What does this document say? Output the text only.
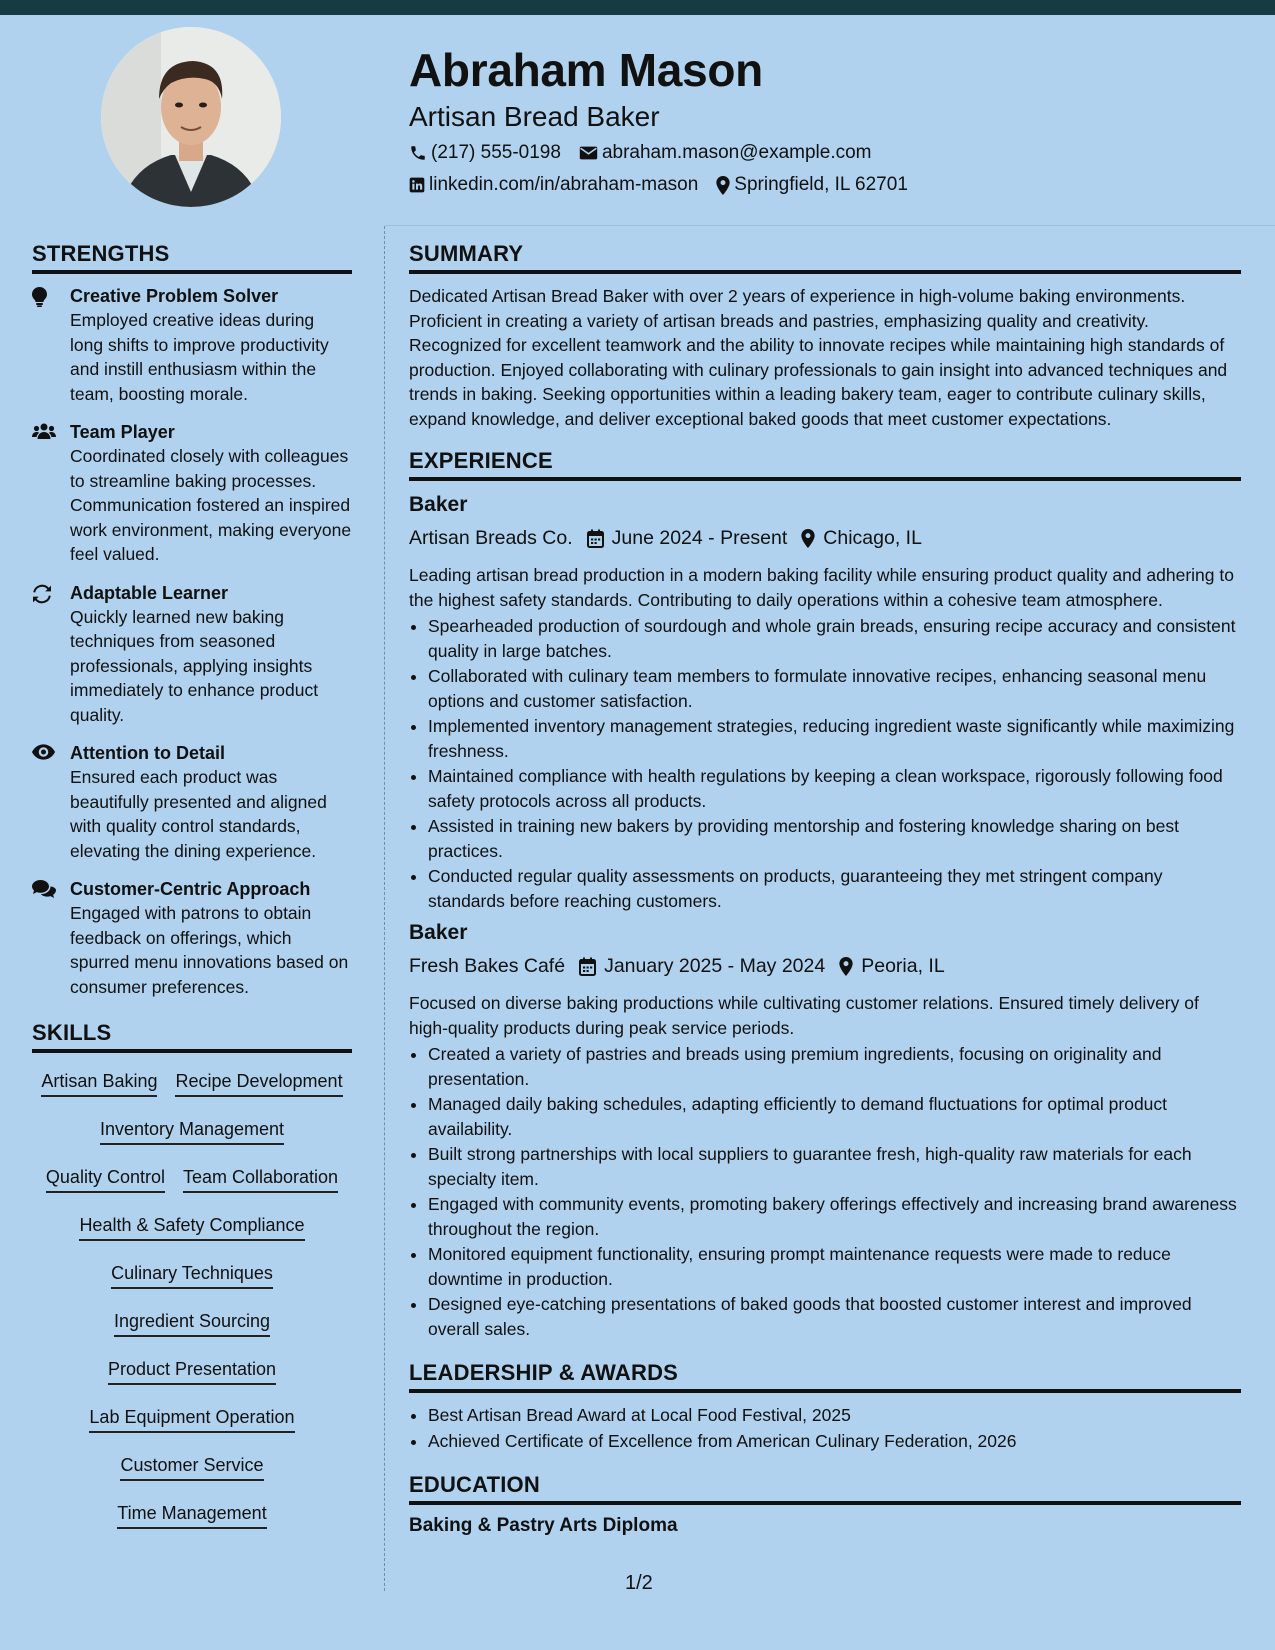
Abraham Mason
Artisan Bread Baker
(217) 555-0198 abraham.mason@example.com
linkedin.com/in/abraham-mason Springfield, IL 62701
STRENGTHS
Creative Problem Solver
Employed creative ideas during long shifts to improve productivity and instill enthusiasm within the team, boosting morale.
Team Player
Coordinated closely with colleagues to streamline baking processes. Communication fostered an inspired work environment, making everyone feel valued.
Adaptable Learner
Quickly learned new baking techniques from seasoned professionals, applying insights immediately to enhance product quality.
Attention to Detail
Ensured each product was beautifully presented and aligned with quality control standards, elevating the dining experience.
Customer-Centric Approach
Engaged with patrons to obtain feedback on offerings, which spurred menu innovations based on consumer preferences.
SKILLS
Artisan Baking Recipe Development
Inventory Management
Quality Control Team Collaboration
Health & Safety Compliance
Culinary Techniques
Ingredient Sourcing
Product Presentation
Lab Equipment Operation
Customer Service
Time Management
SUMMARY

Dedicated Artisan Bread Baker with over 2 years of experience in high-volume baking environments. Proficient in creating a variety of artisan breads and pastries, emphasizing quality and creativity. Recognized for excellent teamwork and the ability to innovate recipes while maintaining high standards of production. Enjoyed collaborating with culinary professionals to gain insight into advanced techniques and trends in baking. Seeking opportunities within a leading bakery team, eager to contribute culinary skills, expand knowledge, and deliver exceptional baked goods that meet customer expectations.

EXPERIENCE
Baker
Artisan Breads Co. June 2024 - Present Chicago, IL

Leading artisan bread production in a modern baking facility while ensuring product quality and adhering to the highest safety standards. Contributing to daily operations within a cohesive team atmosphere.

• Spearheaded production of sourdough and whole grain breads, ensuring recipe accuracy and consistent quality in large batches.
• Collaborated with culinary team members to formulate innovative recipes, enhancing seasonal menu options and customer satisfaction.
• Implemented inventory management strategies, reducing ingredient waste significantly while maximizing freshness.
• Maintained compliance with health regulations by keeping a clean workspace, rigorously following food safety protocols across all products.
• Assisted in training new bakers by providing mentorship and fostering knowledge sharing on best practices.
• Conducted regular quality assessments on products, guaranteeing they met stringent company standards before reaching customers.
Baker
Fresh Bakes Café January 2025 - May 2024 Peoria, IL

Focused on diverse baking productions while cultivating customer relations. Ensured timely delivery of high-quality products during peak service periods.

• Created a variety of pastries and breads using premium ingredients, focusing on originality and presentation.
• Managed daily baking schedules, adapting efficiently to demand fluctuations for optimal product availability.
• Built strong partnerships with local suppliers to guarantee fresh, high-quality raw materials for each specialty item.
• Engaged with community events, promoting bakery offerings effectively and increasing brand awareness throughout the region.
• Monitored equipment functionality, ensuring prompt maintenance requests were made to reduce downtime in production.
• Designed eye-catching presentations of baked goods that boosted customer interest and improved overall sales.
LEADERSHIP & AWARDS
• Best Artisan Bread Award at Local Food Festival, 2025
• Achieved Certificate of Excellence from American Culinary Federation, 2026
EDUCATION
Baking & Pastry Arts Diploma
1/2
